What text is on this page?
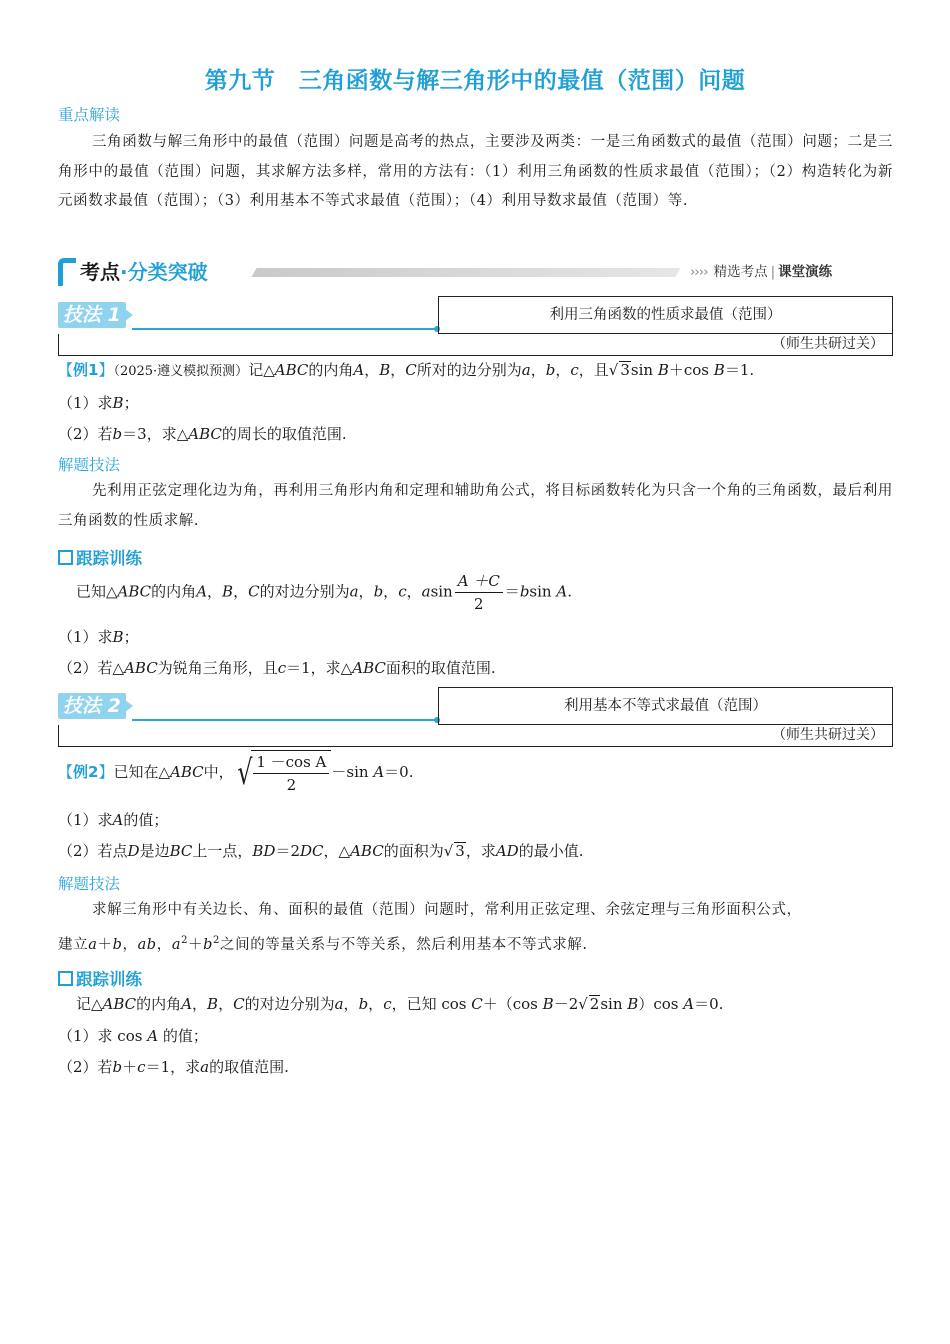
第九节　三角函数与解三角形中的最值（范围）问题
重点解读
三角函数与解三角形中的最值（范围）问题是高考的热点，主要涉及两类：一是三角函数式的最值（范围）问题；二是三角形中的最值（范围）问题，其求解方法多样，常用的方法有：（1）利用三角函数的性质求最值（范围）；（2）构造转化为新元函数求最值（范围）；（3）利用基本不等式求最值（范围）；（4）利用导数求最值（范围）等.
考点·分类突破	›››› 精选考点 | 课堂演练
技法 1	利用三角函数的性质求最值（范围）
（师生共研过关）
【例1】（2025·遵义模拟预测）记△ABC的内角A，B，C所对的边分别为a，b，c，且√ 3sin B＋cos B＝1.
（1）求B；
（2）若b＝3，求△ABC的周长的取值范围.
解题技法
先利用正弦定理化边为角，再利用三角形内角和定理和辅助角公式，将目标函数转化为只含一个角的三角函数，最后利用三角函数的性质求解.
跟踪训练
已知△ABC的内角A，B，C的对边分别为a，b，c，asin $\frac{A +C}{2} =bsin$ A.
（1）求B；
（2）若△ABC为锐角三角形，且c＝1，求△ABC面积的取值范围.
技法 2	利用基本不等式求最值（范围）
（师生共研过关）
【例2】已知在△ABC中，√ $\frac{\text{1 －cos A}}{2} -\sin$ A＝0.
（1）求A的值；
（2）若点D是边BC上一点，BD＝2DC，△ABC的面积为√ 3，求AD的最小值.
解题技法
求解三角形中有关边长、角、面积的最值（范围）问题时，常利用正弦定理、余弦定理与三角形面积公式，
建立a＋b，ab，$a^2+b^2$之间的等量关系与不等关系，然后利用基本不等式求解.
跟踪训练
记△ABC的内角A，B，C的对边分别为a，b，c，已知 cos C＋（cos B－2√ 2sin B）cos A＝0.
（1）求 cos A 的值；
（2）若b＋c＝1，求a的取值范围.
